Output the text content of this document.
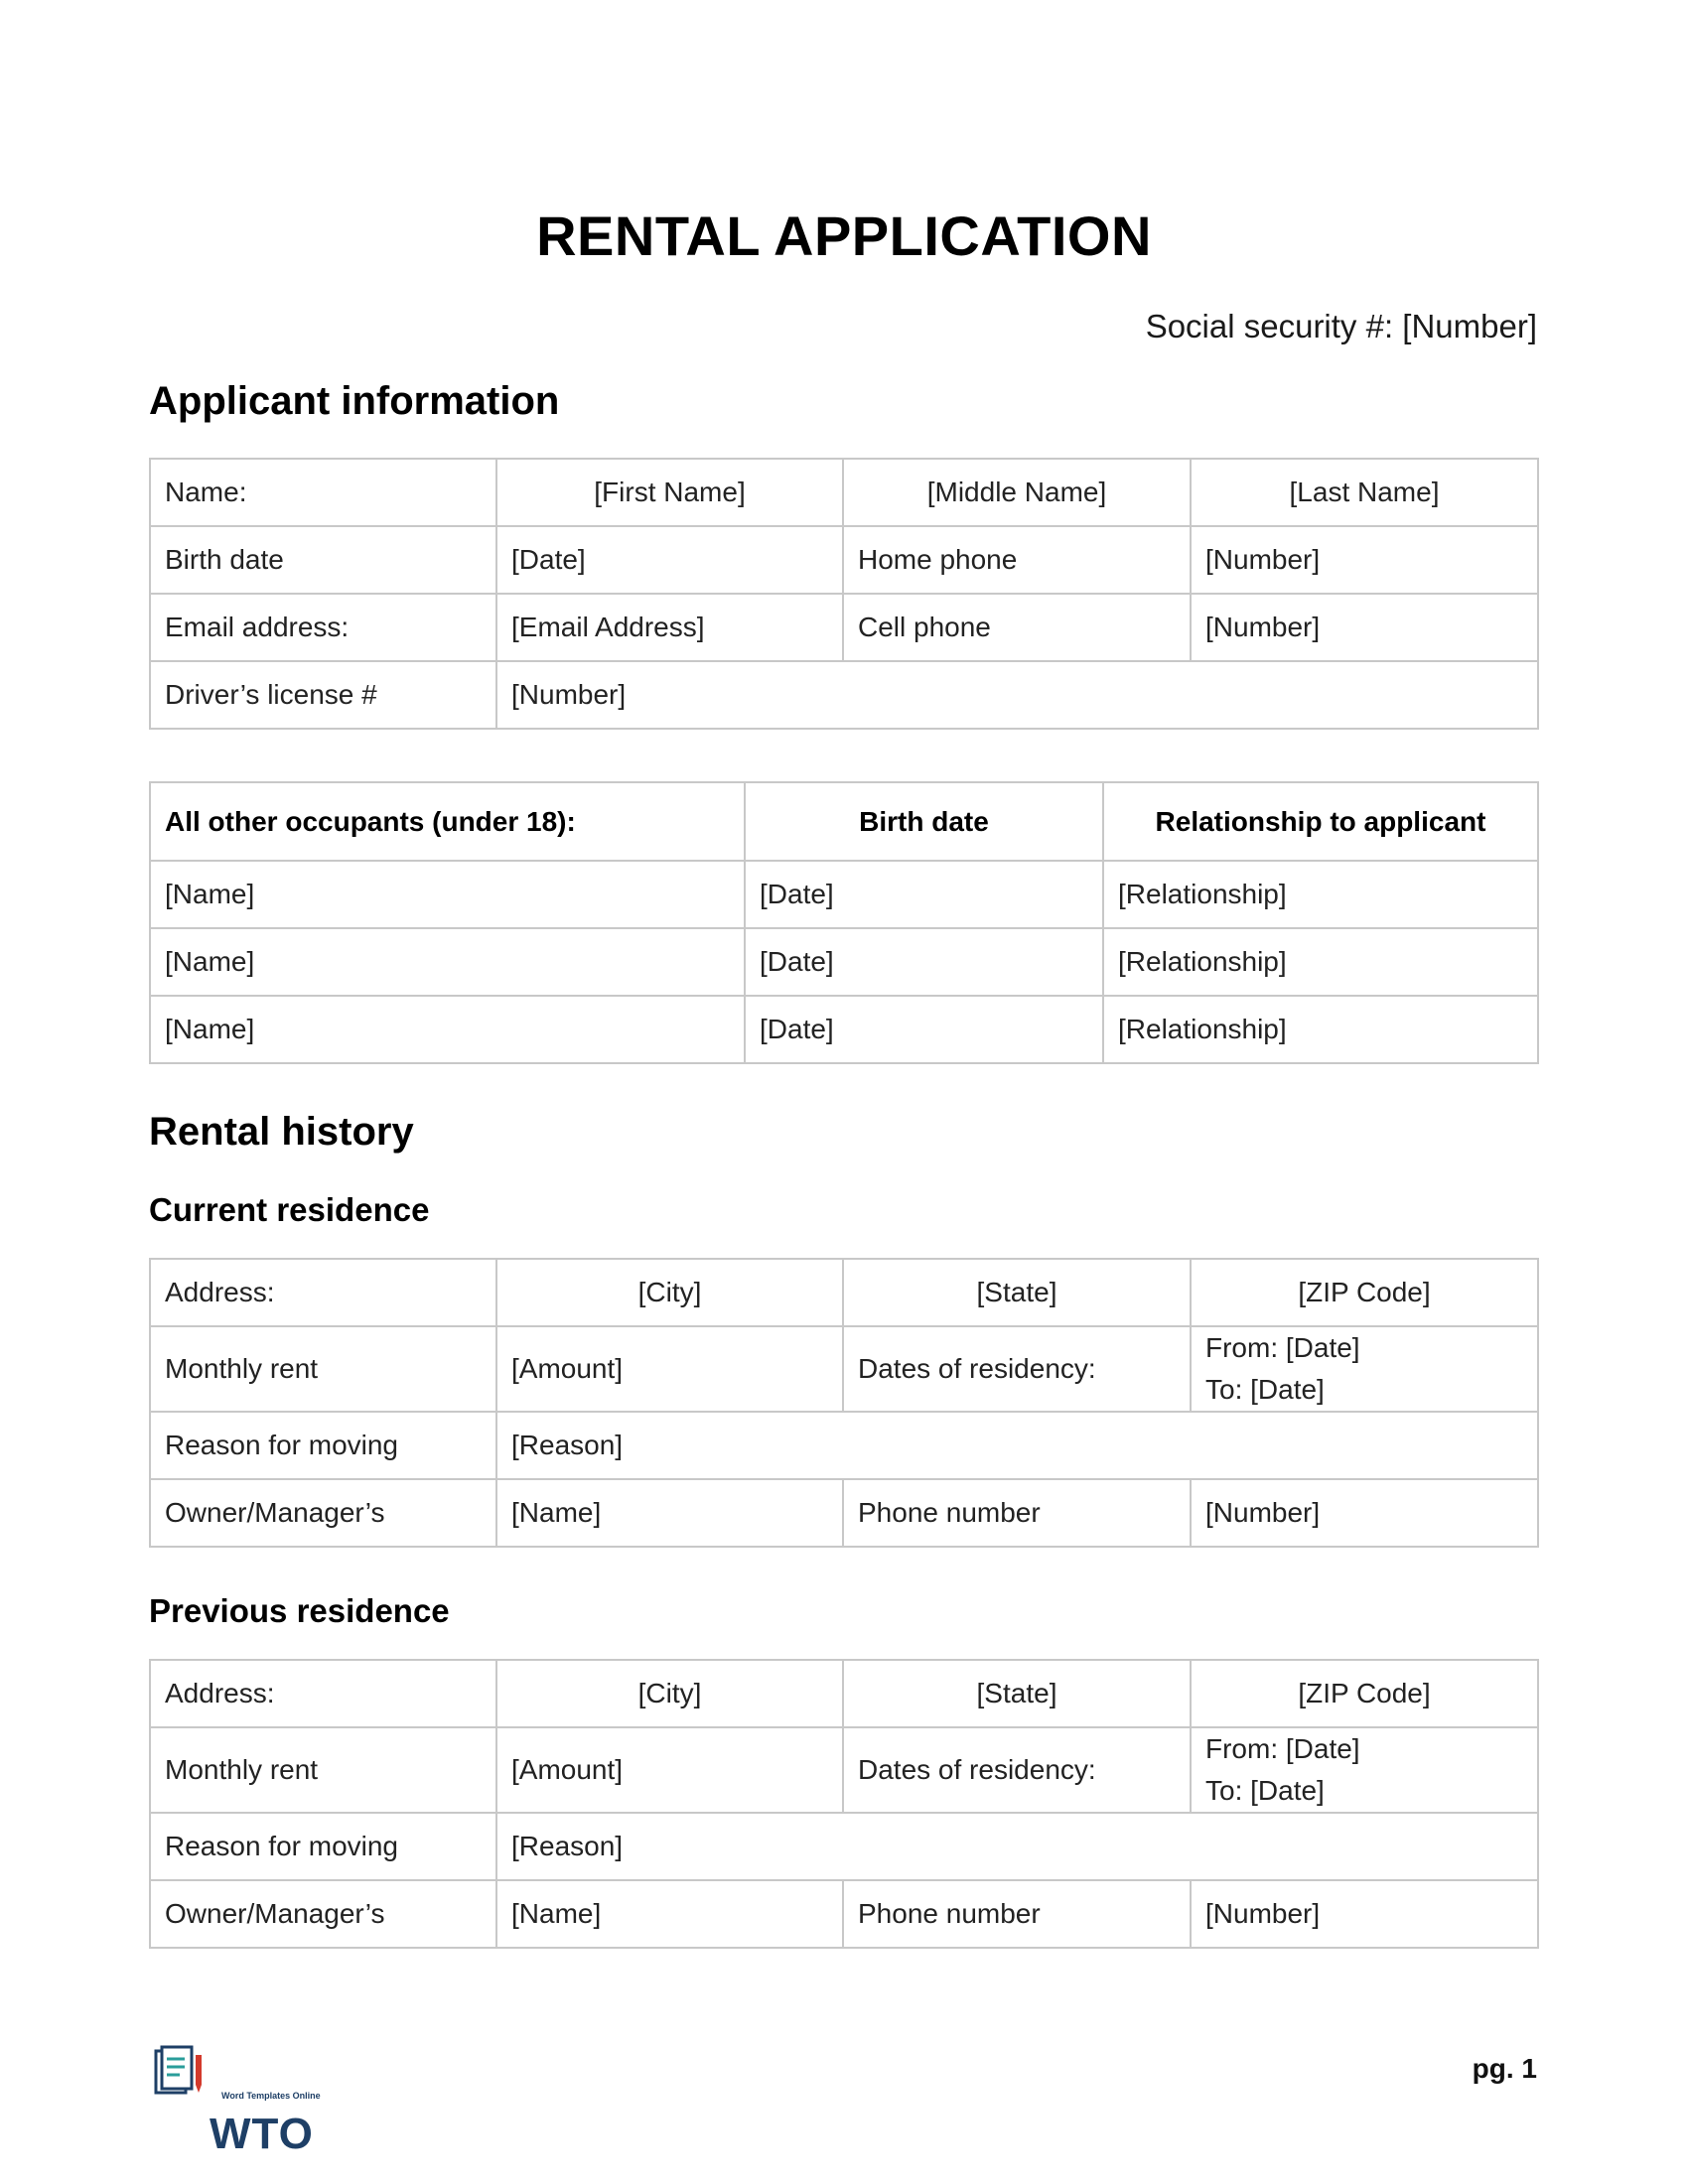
RENTAL APPLICATION
Social security #: [Number]
Applicant information
Name:	[First Name]	[Middle Name]	[Last Name]
Birth date	[Date]	Home phone	[Number]
Email address:	[Email Address]	Cell phone	[Number]
Driver’s license #	[Number]		
All other occupants (under 18):	Birth date	Relationship to applicant
[Name]	[Date]	[Relationship]
[Name]	[Date]	[Relationship]
[Name]	[Date]	[Relationship]
Rental history
Current residence
Address:	[City]	[State]	[ZIP Code]
Monthly rent	[Amount]	Dates of residency:	From: [Date]
To: [Date]

Reason for moving	[Reason]		
Owner/Manager’s	[Name]	Phone number	[Number]
Previous residence
Address:	[City]	[State]	[ZIP Code]
Monthly rent	[Amount]	Dates of residency:	From: [Date]
To: [Date]

Reason for moving	[Reason]		
Owner/Manager’s	[Name]	Phone number	[Number]
WTO
Word Templates Online
pg. 1
